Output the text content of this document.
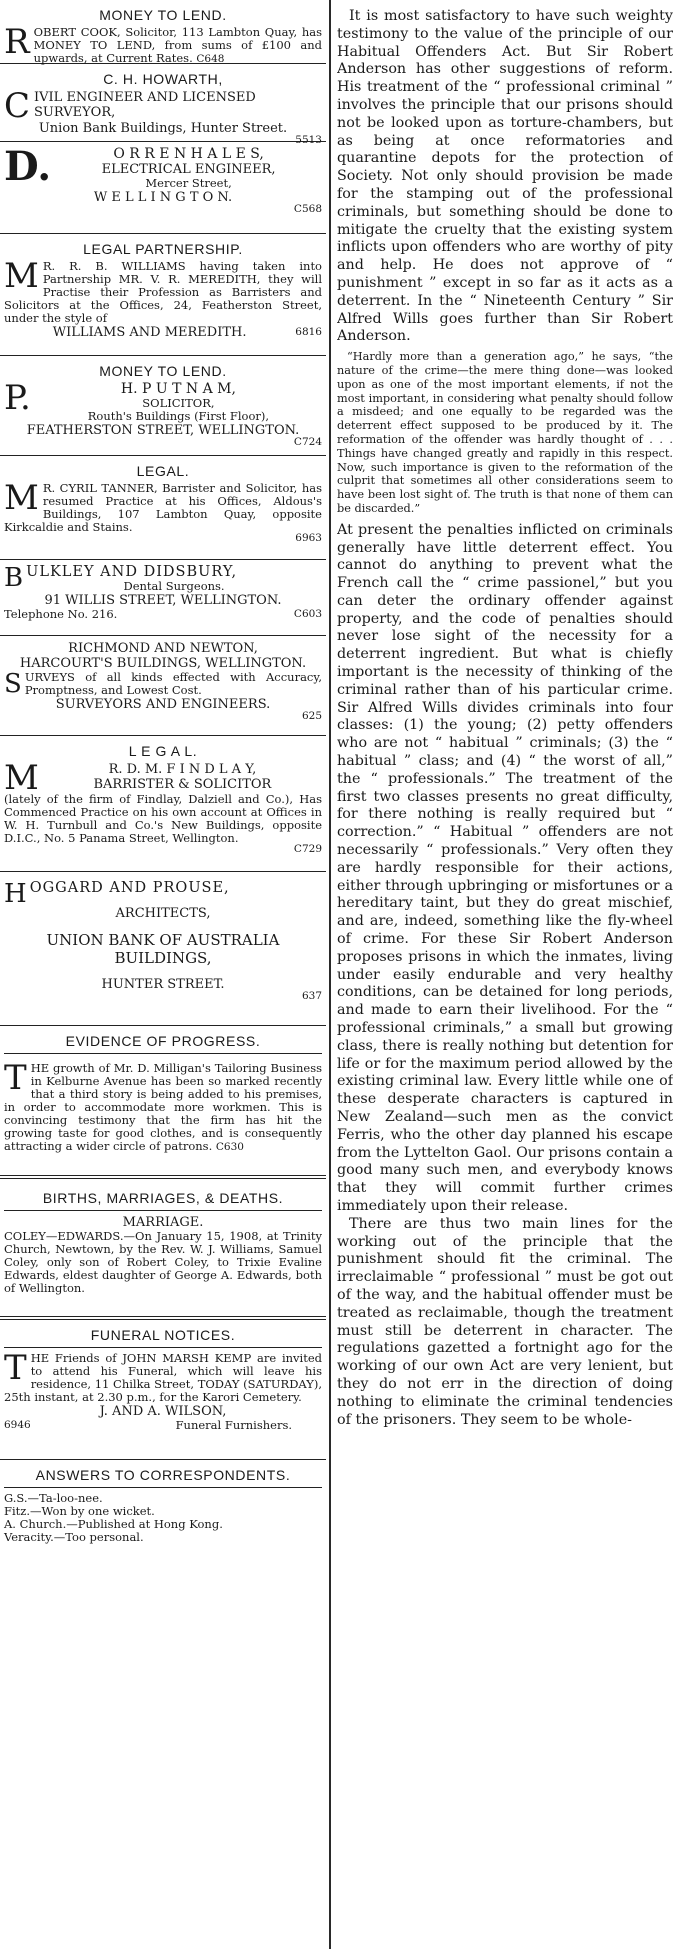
MONEY TO LEND.
R OBERT COOK, Solicitor, 113 Lambton Quay, has MONEY TO LEND, from sums of £100 and upwards, at Current Rates. C648
C. H. HOWARTH,
C IVIL ENGINEER AND LICENSED SURVEYOR,
Union Bank Buildings, Hunter Street.
5513
D.	O R R E N H A L E S,
ELECTRICAL ENGINEER,
Mercer Street,
W E L L I N G T O N.
C568
LEGAL PARTNERSHIP.
M R. R. B. WILLIAMS having taken into Partnership MR. V. R. MEREDITH, they will Practise their Profession as Barristers and Solicitors at the Offices, 24, Featherston Street, under the style of
WILLIAMS AND MEREDITH.	6816
MONEY TO LEND.
P.	H. P U T N A M,
SOLICITOR,
Routh's Buildings (First Floor),
FEATHERSTON STREET, WELLINGTON.
C724
LEGAL.
M R. CYRIL TANNER, Barrister and Solicitor, has resumed Practice at his Offices, Aldous's Buildings, 107 Lambton Quay, opposite Kirkcaldie and Stains.
6963
B ULKLEY AND DIDSBURY,
Dental Surgeons.
91 WILLIS STREET, WELLINGTON.
Telephone No. 216.	C603
RICHMOND AND NEWTON,
HARCOURT'S BUILDINGS, WELLINGTON.
S URVEYS of all kinds effected with Accuracy, Promptness, and Lowest Cost.
SURVEYORS AND ENGINEERS.
625
L E G A L.
M	R. D. M. F I N D L A Y,
BARRISTER & SOLICITOR
(lately of the firm of Findlay, Dalziell and Co.), Has Commenced Practice on his own account at Offices in W. H. Turnbull and Co.'s New Buildings, opposite D.I.C., No. 5 Panama Street, Wellington.
C729
H OGGARD AND PROUSE,
ARCHITECTS,
UNION BANK OF AUSTRALIA BUILDINGS,
HUNTER STREET.
637
EVIDENCE OF PROGRESS.
T HE growth of Mr. D. Milligan's Tailoring Business in Kelburne Avenue has been so marked recently that a third story is being added to his premises, in order to accommodate more workmen. This is convincing testimony that the firm has hit the growing taste for good clothes, and is consequently attracting a wider circle of patrons. C630
BIRTHS, MARRIAGES, & DEATHS.
MARRIAGE.
COLEY—EDWARDS.—On January 15, 1908, at Trinity Church, Newtown, by the Rev. W. J. Williams, Samuel Coley, only son of Robert Coley, to Trixie Evaline Edwards, eldest daughter of George A. Edwards, both of Wellington.
FUNERAL NOTICES.
T HE Friends of JOHN MARSH KEMP are invited to attend his Funeral, which will leave his residence, 11 Chilka Street, TODAY (SATURDAY), 25th instant, at 2.30 p.m., for the Karori Cemetery.
J. AND A. WILSON,
6946	Funeral Furnishers.
ANSWERS TO CORRESPONDENTS.
G.S.—Ta-loo-nee.
Fitz.—Won by one wicket.
A. Church.—Published at Hong Kong.
Veracity.—Too personal.

It is most satisfactory to have such weighty testimony to the value of the principle of our Habitual Offenders Act. But Sir Robert Anderson has other suggestions of reform. His treatment of the “ professional criminal ” involves the principle that our prisons should not be looked upon as torture-chambers, but as being at once reformatories and quarantine depots for the protection of Society. Not only should provision be made for the stamping out of the professional criminals, but something should be done to mitigate the cruelty that the existing system inflicts upon offenders who are worthy of pity and help. He does not approve of “ punishment ” except in so far as it acts as a deterrent. In the “ Nineteenth Century ” Sir Alfred Wills goes further than Sir Robert Anderson.

“Hardly more than a generation ago,” he says, “the nature of the crime—the mere thing done—was looked upon as one of the most important elements, if not the most important, in considering what penalty should follow a misdeed; and one equally to be regarded was the deterrent effect supposed to be produced by it. The reformation of the offender was hardly thought of . . . Things have changed greatly and rapidly in this respect. Now, such importance is given to the reformation of the culprit that sometimes all other considerations seem to have been lost sight of. The truth is that none of them can be discarded.”

At present the penalties inflicted on criminals generally have little deterrent effect. You cannot do anything to prevent what the French call the “ crime passionel,” but you can deter the ordinary offender against property, and the code of penalties should never lose sight of the necessity for a deterrent ingredient. But what is chiefly important is the necessity of thinking of the criminal rather than of his particular crime. Sir Alfred Wills divides criminals into four classes: (1) the young; (2) petty offenders who are not “ habitual ” criminals; (3) the “ habitual ” class; and (4) “ the worst of all,” the “ professionals.” The treatment of the first two classes presents no great difficulty, for there nothing is really required but “ correction.” “ Habitual ” offenders are not necessarily “ professionals.” Very often they are hardly responsible for their actions, either through upbringing or misfortunes or a hereditary taint, but they do great mischief, and are, indeed, something like the fly-wheel of crime. For these Sir Robert Anderson proposes prisons in which the inmates, living under easily endurable and very healthy conditions, can be detained for long periods, and made to earn their livelihood. For the “ professional criminals,” a small but growing class, there is really nothing but detention for life or for the maximum period allowed by the existing criminal law. Every little while one of these desperate characters is captured in New Zealand—such men as the convict Ferris, who the other day planned his escape from the Lyttelton Gaol. Our prisons contain a good many such men, and everybody knows that they will commit further crimes immediately upon their release.

There are thus two main lines for the working out of the principle that the punishment should fit the criminal. The irreclaimable “ professional ” must be got out of the way, and the habitual offender must be treated as reclaimable, though the treatment must still be deterrent in character. The regulations gazetted a fortnight ago for the working of our own Act are very lenient, but they do not err in the direction of doing nothing to eliminate the criminal tendencies of the prisoners. They seem to be whole-
